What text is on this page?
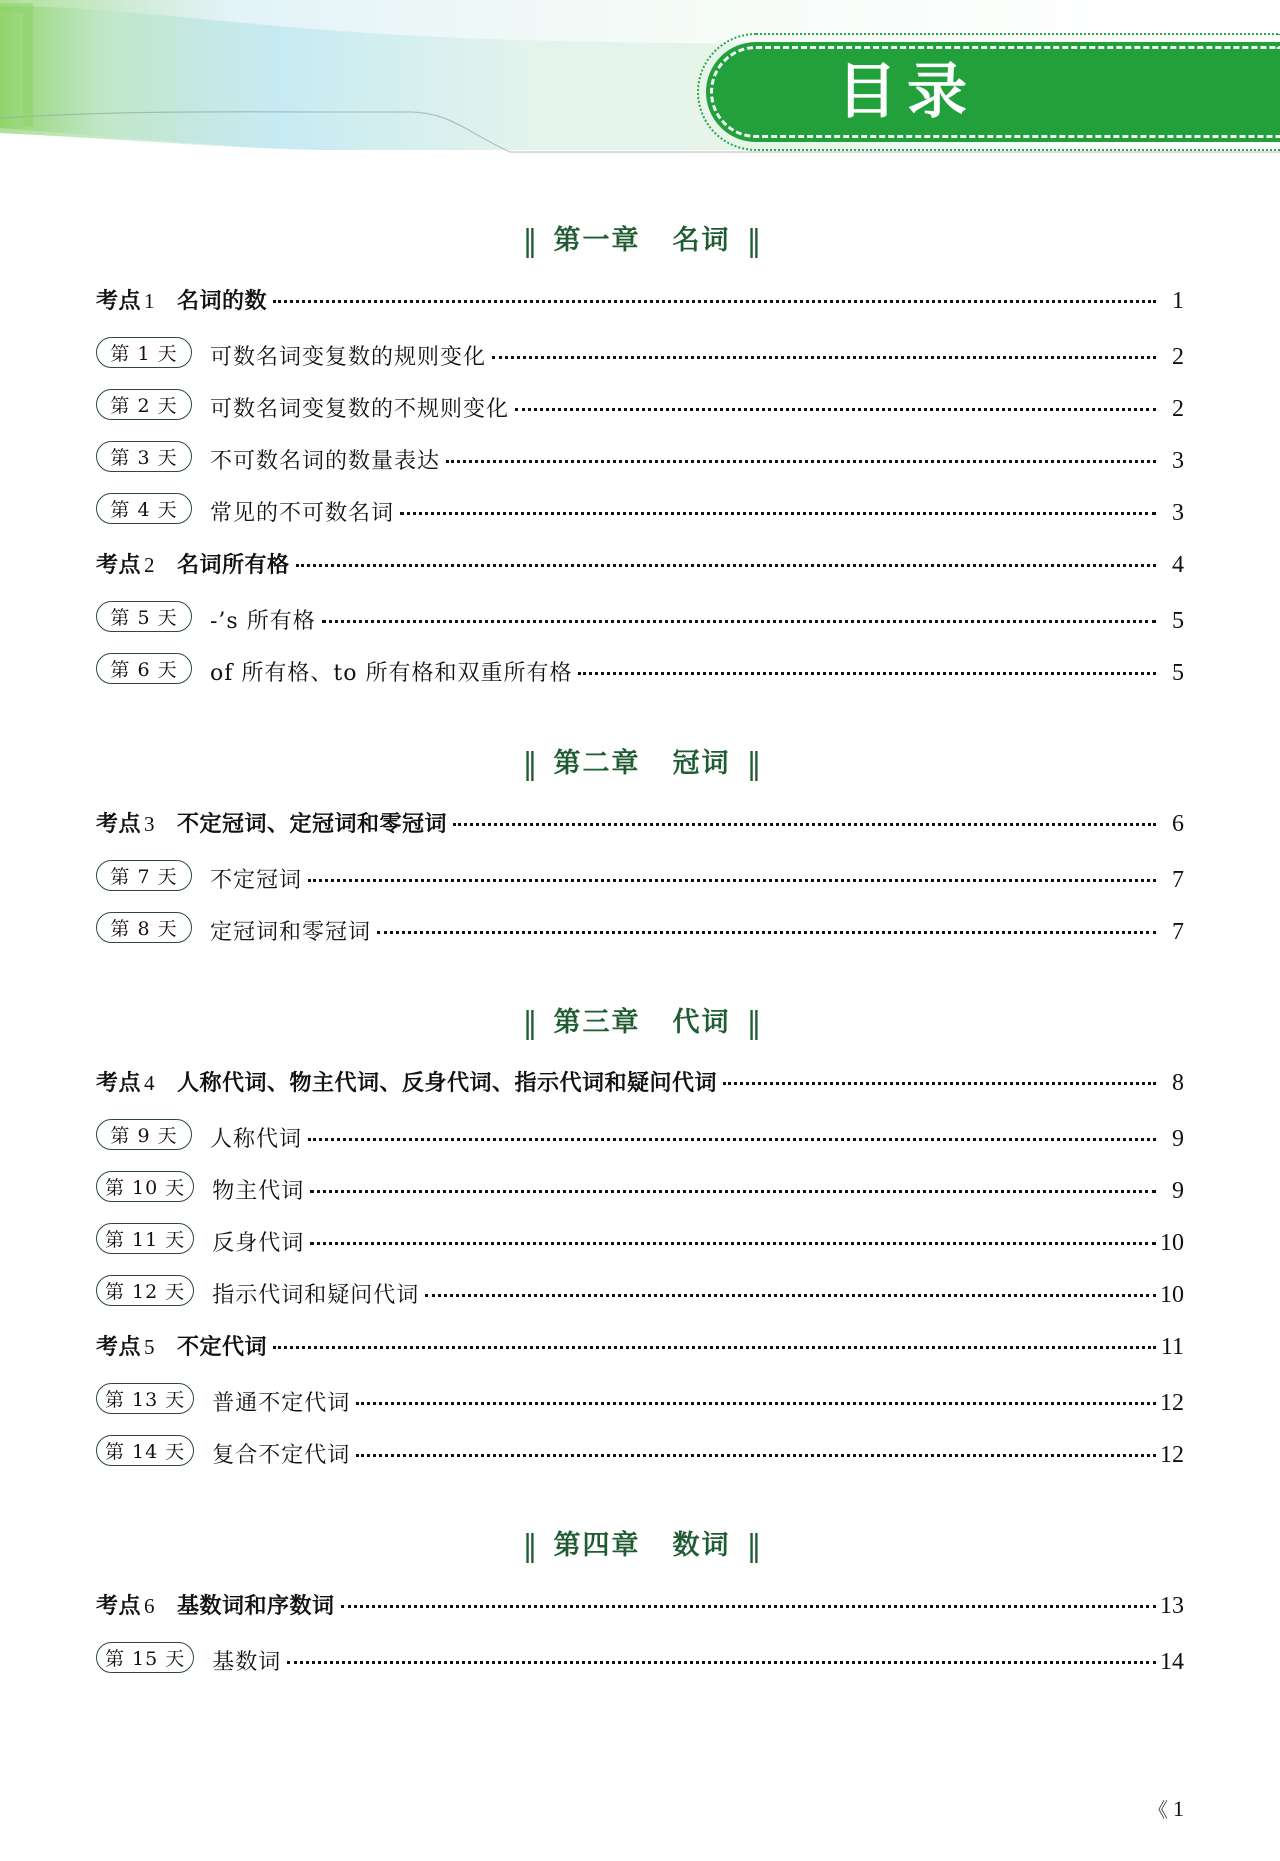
目录
‖ 第一章 名词 ‖
考点 1 名词的数	1
第 1 天	可数名词变复数的规则变化	2
第 2 天	可数名词变复数的不规则变化	2
第 3 天	不可数名词的数量表达	3
第 4 天	常见的不可数名词	3
考点 2 名词所有格	4
第 5 天	-’s 所有格	5
第 6 天	of 所有格、to 所有格和双重所有格	5
‖ 第二章 冠词 ‖
考点 3 不定冠词、定冠词和零冠词	6
第 7 天	不定冠词	7
第 8 天	定冠词和零冠词	7
‖ 第三章 代词 ‖
考点 4 人称代词、物主代词、反身代词、指示代词和疑问代词	8
第 9 天	人称代词	9
第 10 天	物主代词	9
第 11 天	反身代词	10
第 12 天	指示代词和疑问代词	10
考点 5 不定代词	11
第 13 天	普通不定代词	12
第 14 天	复合不定代词	12
‖ 第四章 数词 ‖
考点 6 基数词和序数词	13
第 15 天	基数词	14
《 1
